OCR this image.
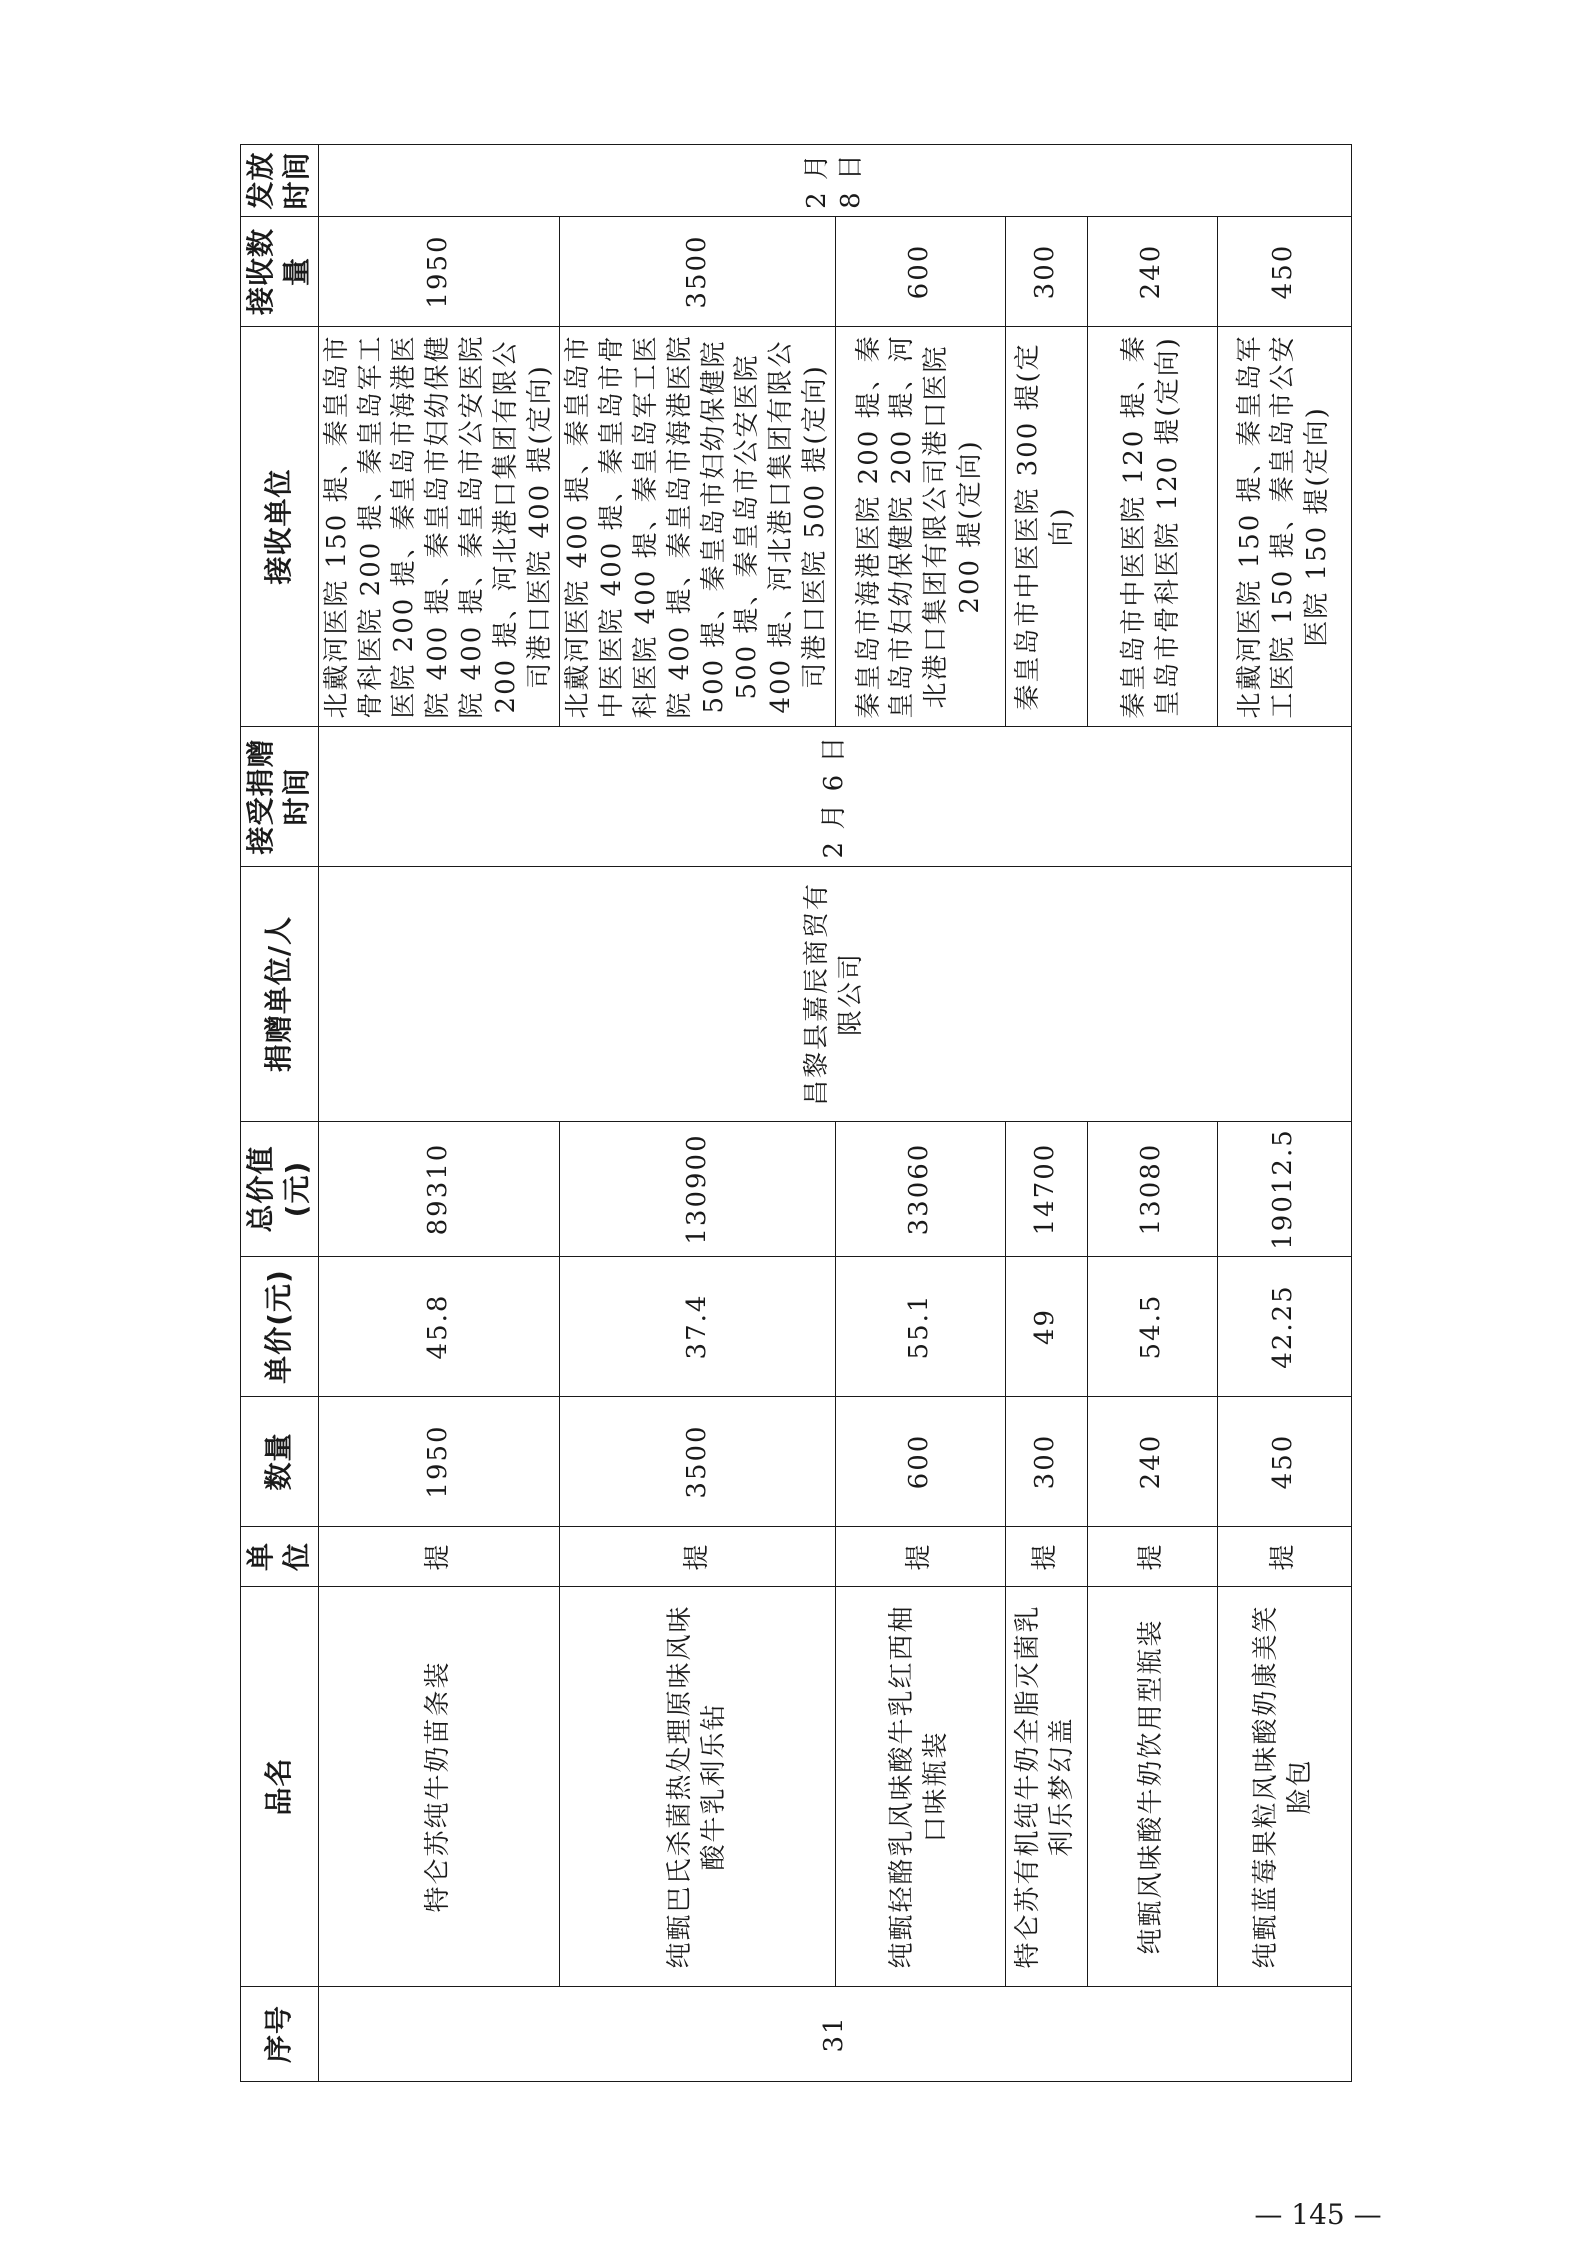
序号	品名	单位	数量	单价(元)	总价值(元)	捐赠单位/人	接受捐赠时间	接收单位	接收数量	发放时间
31	特仑苏纯牛奶苗条装	提	1950	45.8	89310	昌黎县嘉辰商贸有限公司	2 月 6 日	北戴河医院 150 提、秦皇岛市骨科医院 200 提、秦皇岛军工医院 200 提、秦皇岛市海港医院 400 提、秦皇岛市妇幼保健院 400 提、秦皇岛市公安医院 200 提、河北港口集团有限公司港口医院 400 提(定向)	1950	2 月 8 日
	纯甄巴氏杀菌热处理原味风味酸牛乳利乐钻	提	3500	37.4	130900			北戴河医院 400 提、秦皇岛市中医医院 400 提、秦皇岛市骨科医院 400 提、秦皇岛军工医院 400 提、秦皇岛市海港医院 500 提、秦皇岛市妇幼保健院 500 提、秦皇岛市公安医院 400 提、河北港口集团有限公司港口医院 500 提(定向)	3500	
	纯甄轻酪乳风味酸牛乳红西柚口味瓶装	提	600	55.1	33060			秦皇岛市海港医院 200 提、秦皇岛市妇幼保健院 200 提、河北港口集团有限公司港口医院 200 提(定向)	600	
	特仑苏有机纯牛奶全脂灭菌乳利乐梦幻盖	提	300	49	14700			秦皇岛市中医医院 300 提(定向)	300	
	纯甄风味酸牛奶饮用型瓶装	提	240	54.5	13080			秦皇岛市中医医院 120 提、秦皇岛市骨科医院 120 提(定向)	240	
	纯甄蓝莓果粒风味酸奶康美笑脸包	提	450	42.25	19012.5			北戴河医院 150 提、秦皇岛军工医院 150 提、秦皇岛市公安医院 150 提(定向)	450	
— 145 —
